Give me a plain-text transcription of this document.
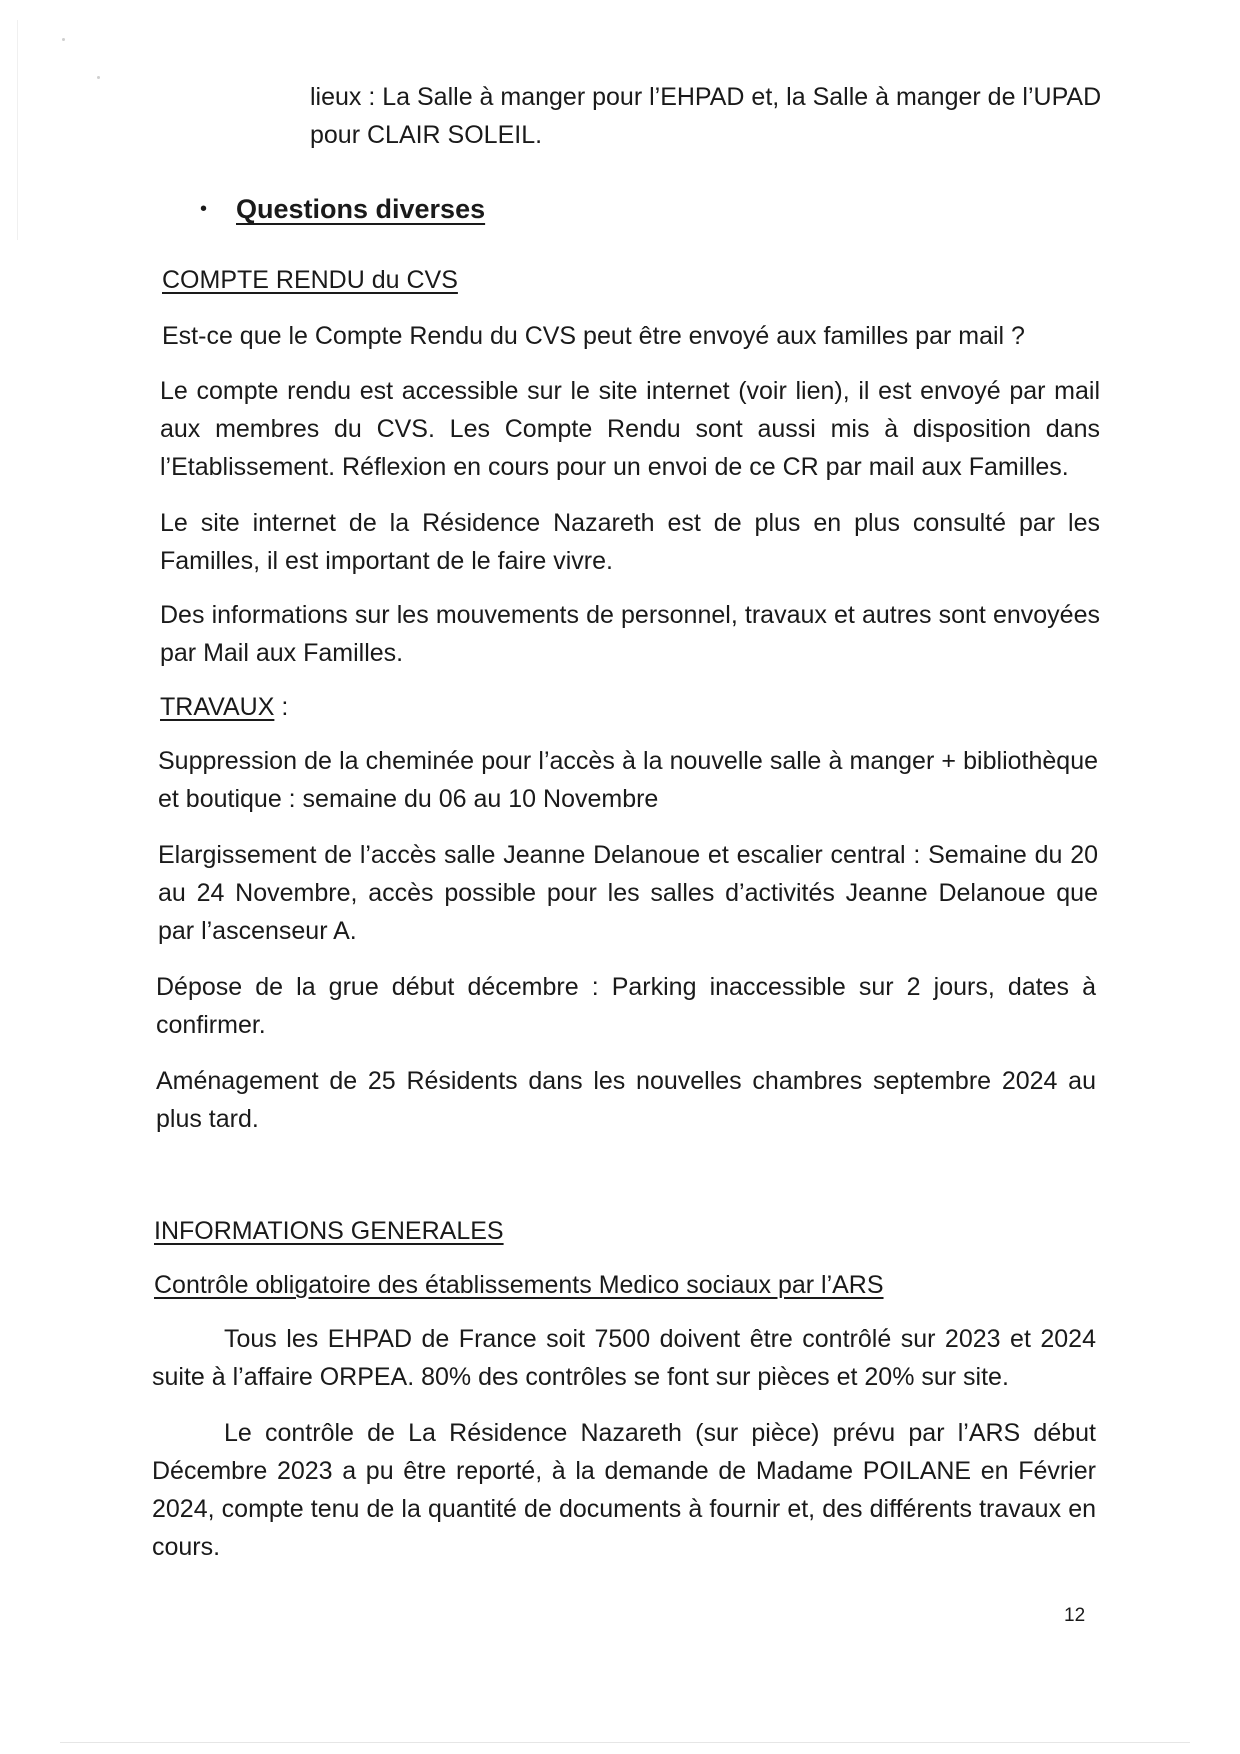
lieux : La Salle à manger pour l’EHPAD et, la Salle à manger de l’UPAD pour CLAIR SOLEIL.

• Questions diverses

COMPTE RENDU du CVS

Est-ce que le Compte Rendu du CVS peut être envoyé aux familles par mail ?

Le compte rendu est accessible sur le site internet (voir lien), il est envoyé par mail aux membres du CVS. Les Compte Rendu sont aussi mis à disposition dans l’Etablissement. Réflexion en cours pour un envoi de ce CR par mail aux Familles.

Le site internet de la Résidence Nazareth est de plus en plus consulté par les Familles, il est important de le faire vivre.

Des informations sur les mouvements de personnel, travaux et autres sont envoyées par Mail aux Familles.

TRAVAUX :

Suppression de la cheminée pour l’accès à la nouvelle salle à manger + bibliothèque et boutique : semaine du 06 au 10 Novembre

Elargissement de l’accès salle Jeanne Delanoue et escalier central : Semaine du 20 au 24 Novembre, accès possible pour les salles d’activités Jeanne Delanoue que par l’ascenseur A.

Dépose de la grue début décembre : Parking inaccessible sur 2 jours, dates à confirmer.

Aménagement de 25 Résidents dans les nouvelles chambres septembre 2024 au plus tard.

INFORMATIONS GENERALES

Contrôle obligatoire des établissements Medico sociaux par l’ARS

Tous les EHPAD de France soit 7500 doivent être contrôlé sur 2023 et 2024 suite à l’affaire ORPEA. 80% des contrôles se font sur pièces et 20% sur site.

Le contrôle de La Résidence Nazareth (sur pièce) prévu par l’ARS début Décembre 2023 a pu être reporté, à la demande de Madame POILANE en Février 2024, compte tenu de la quantité de documents à fournir et, des différents travaux en cours.

12
